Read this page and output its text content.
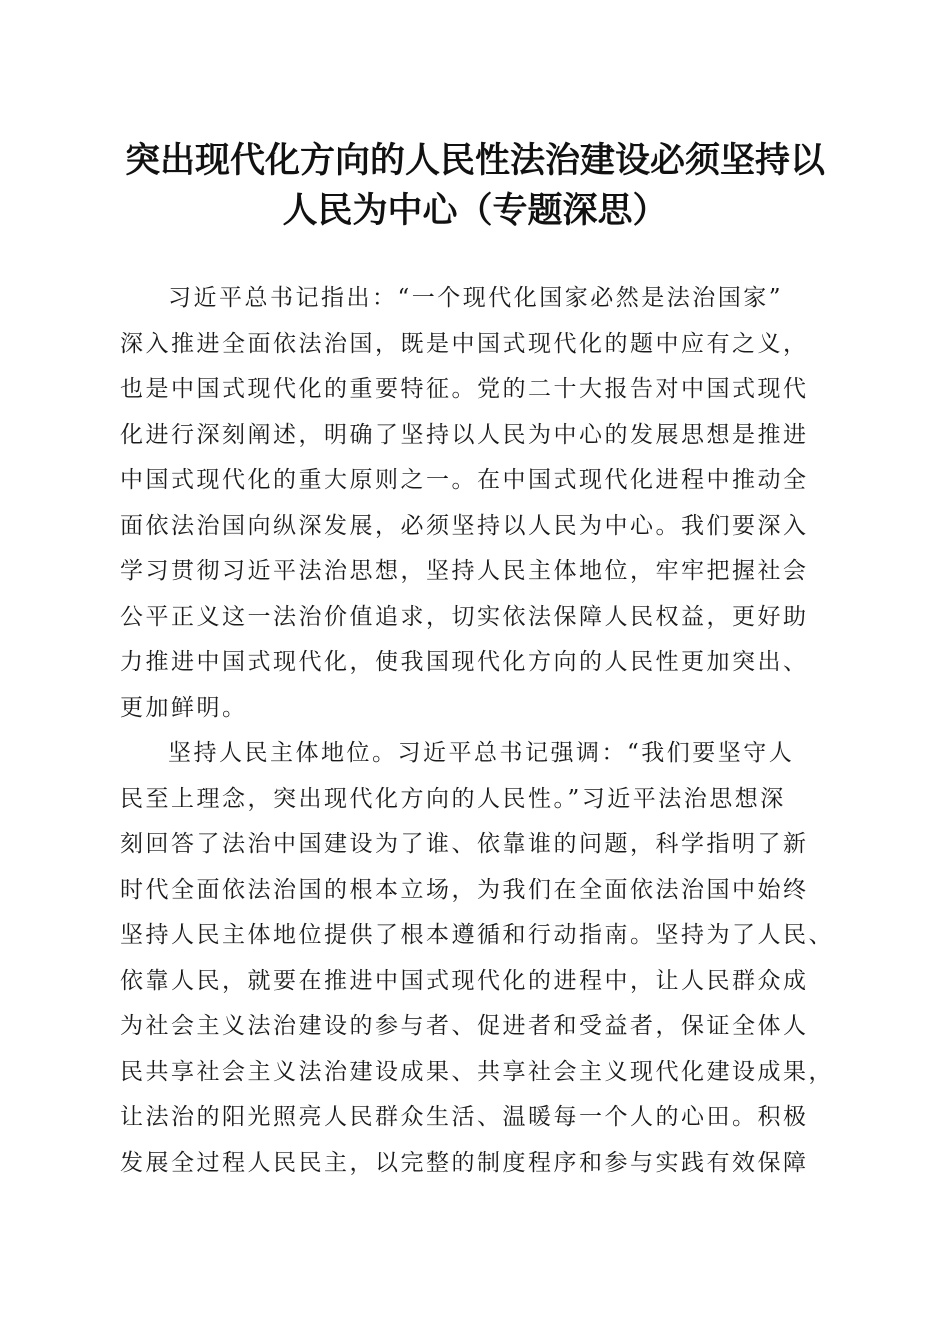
突出现代化方向的人民性法治建设必须坚持以
人民为中心（专题深思）
习近平总书记指出：“一个现代化国家必然是法治国家”
深入推进全面依法治国，既是中国式现代化的题中应有之义，
也是中国式现代化的重要特征。党的二十大报告对中国式现代
化进行深刻阐述，明确了坚持以人民为中心的发展思想是推进
中国式现代化的重大原则之一。在中国式现代化进程中推动全
面依法治国向纵深发展，必须坚持以人民为中心。我们要深入
学习贯彻习近平法治思想，坚持人民主体地位，牢牢把握社会
公平正义这一法治价值追求，切实依法保障人民权益，更好助
力推进中国式现代化，使我国现代化方向的人民性更加突出、
更加鲜明。
坚持人民主体地位。习近平总书记强调：“我们要坚守人
民至上理念，突出现代化方向的人民性。”习近平法治思想深
刻回答了法治中国建设为了谁、依靠谁的问题，科学指明了新
时代全面依法治国的根本立场，为我们在全面依法治国中始终
坚持人民主体地位提供了根本遵循和行动指南。坚持为了人民、
依靠人民，就要在推进中国式现代化的进程中，让人民群众成
为社会主义法治建设的参与者、促进者和受益者，保证全体人
民共享社会主义法治建设成果、共享社会主义现代化建设成果，
让法治的阳光照亮人民群众生活、温暖每一个人的心田。积极
发展全过程人民民主，以完整的制度程序和参与实践有效保障
